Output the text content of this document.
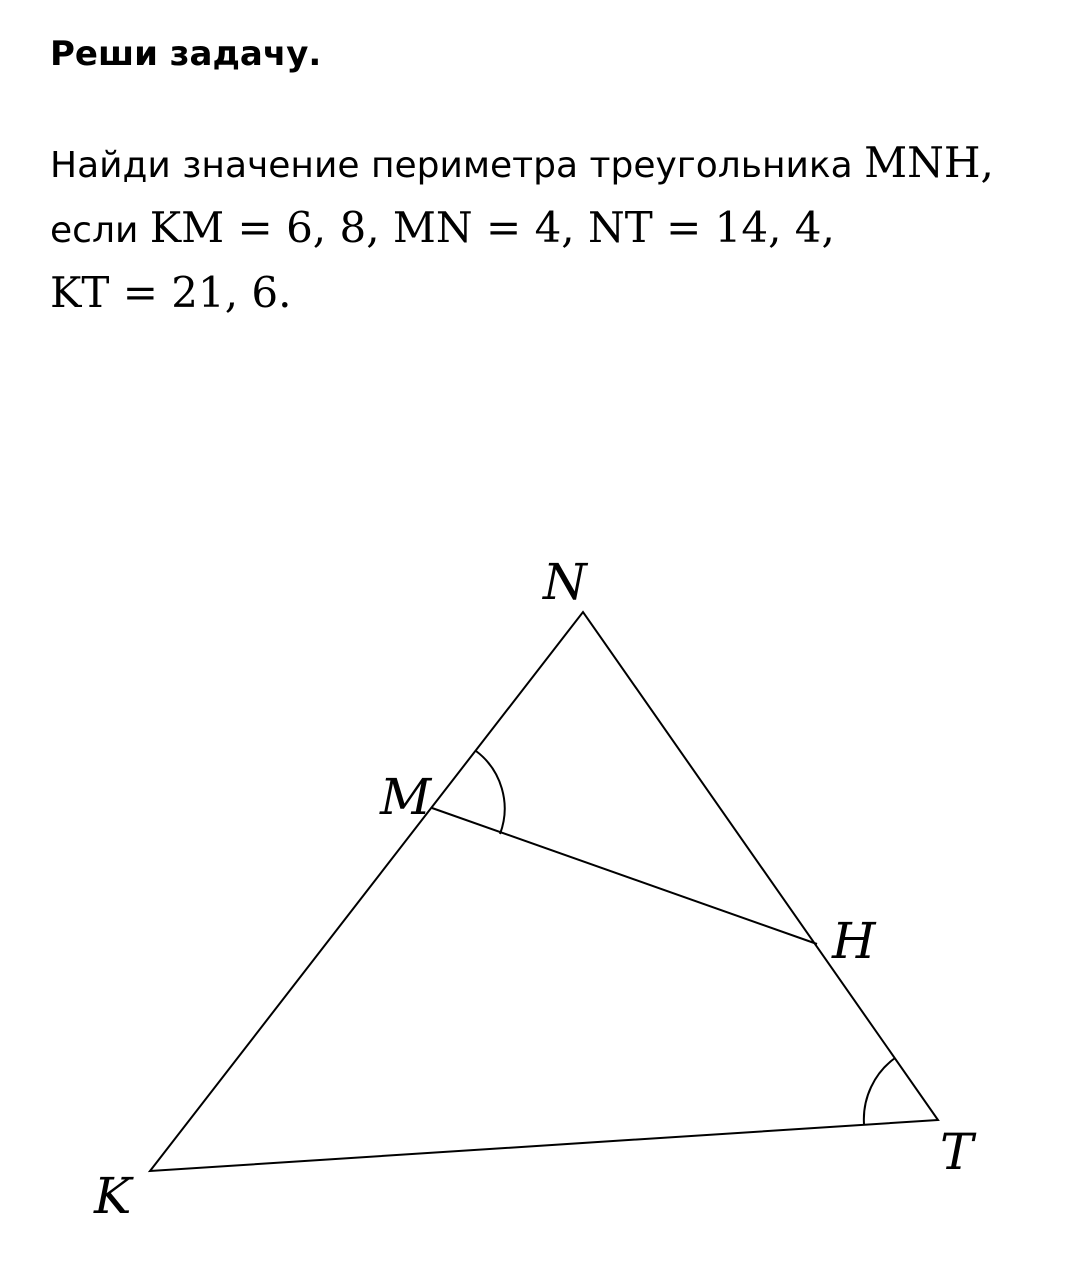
Реши задачу.
Найди значение периметра треугольника MNH,
если KM = 6, 8, MN = 4, NT = 14, 4,
KT = 21, 6.
N
M
H
K
T
